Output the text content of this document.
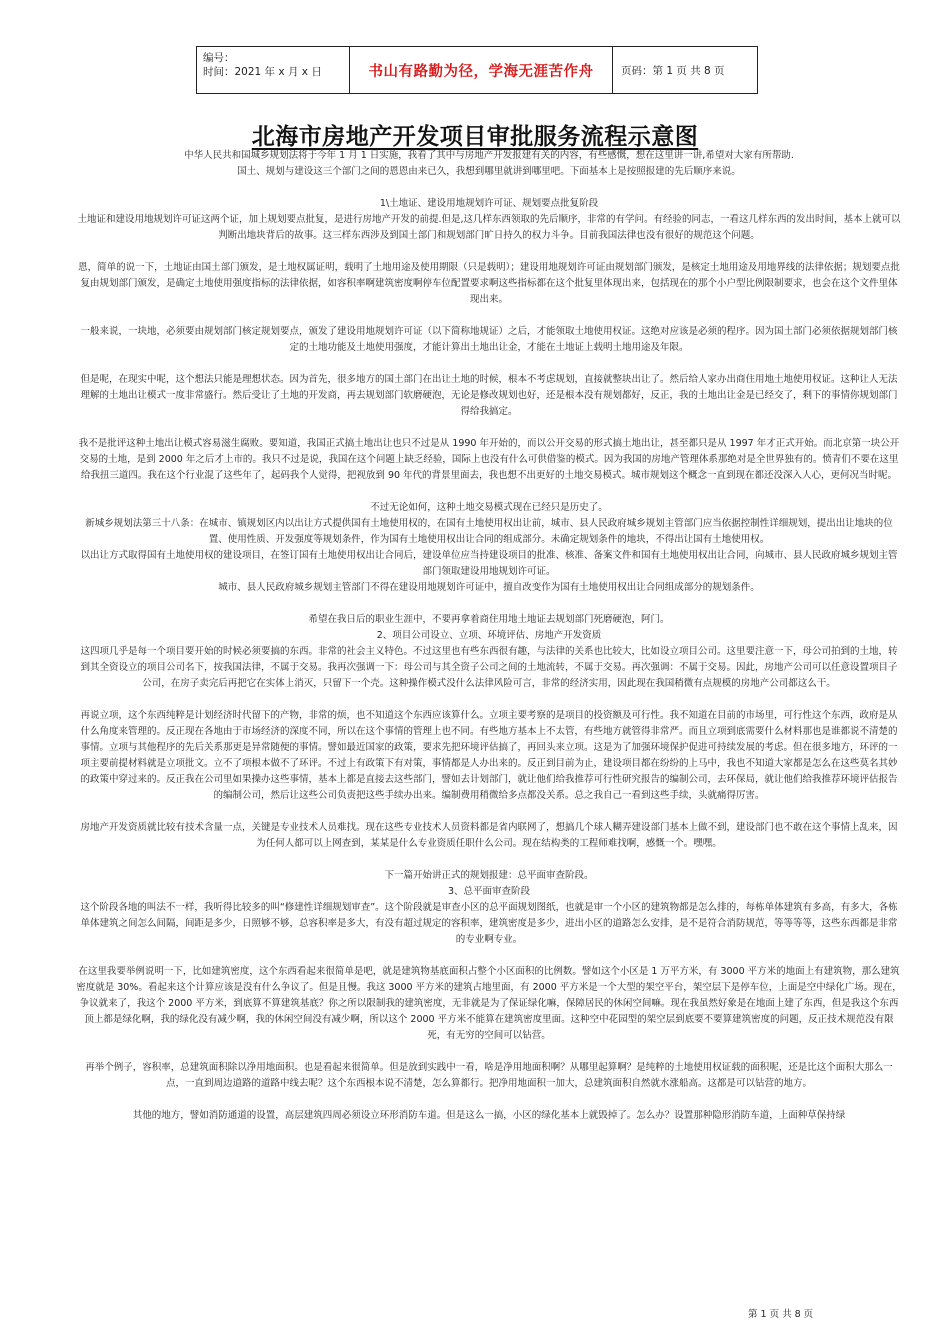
编号：
时间：2021 年 x 月 x 日	书山有路勤为径，学海无涯苦作舟	页码：第 1 页 共 8 页
北海市房地产开发项目审批服务流程示意图

中华人民共和国城乡规划法将于今年 1 月 1 日实施，我看了其中与房地产开发报建有关的内容，有些感慨，想在这里讲一讲,希望对大家有所帮助.

国土、规划与建设这三个部门之间的恩恩由来已久，我想到哪里就讲到哪里吧。下面基本上是按照报建的先后顺序来说。

1\土地证、建设用地规划许可证、规划要点批复阶段

土地证和建设用地规划许可证这两个证，加上规划要点批复，是进行房地产开发的前提.但是,这几样东西领取的先后顺序，非常的有学问。有经验的同志，一看这几样东西的发出时间，基本上就可以判断出地块背后的故事。这三样东西涉及到国土部门和规划部门旷日持久的权力斗争。目前我国法律也没有很好的规范这个问题。

恩，简单的说一下，土地证由国土部门颁发，是土地权属证明，载明了土地用途及使用期限（只是载明）；建设用地规划许可证由规划部门颁发，是核定土地用途及用地界线的法律依据；规划要点批复由规划部门颁发，是确定土地使用强度指标的法律依据，如容积率啊建筑密度啊停车位配置要求啊这些指标都在这个批复里体现出来，包括现在的那个小户型比例限制要求，也会在这个文件里体现出来。

一般来说，一块地，必须要由规划部门核定规划要点，颁发了建设用地规划许可证（以下简称地规证）之后，才能领取土地使用权证。这绝对应该是必须的程序。因为国土部门必须依据规划部门核定的土地功能及土地使用强度，才能计算出土地出让金，才能在土地证上载明土地用途及年限。

但是呢，在现实中呢，这个想法只能是理想状态。因为首先，很多地方的国土部门在出让土地的时候，根本不考虑规划，直接就整块出让了。然后给人家办出商住用地土地使用权证。这种让人无法理解的土地出让模式一度非常盛行。然后受让了土地的开发商，再去规划部门软磨硬泡，无论是修改规划也好，还是根本没有规划都好，反正，我的土地出让金是已经交了，剩下的事情你规划部门得给我搞定。

我不是批评这种土地出让模式容易滋生腐败。要知道，我国正式搞土地出让也只不过是从 1990 年开始的，而以公开交易的形式搞土地出让，甚至都只是从 1997 年才正式开始。而北京第一块公开交易的土地，是到 2000 年之后才上市的。我只不过是说，我国在这个问题上缺乏经验，国际上也没有什么可供借鉴的模式。因为我国的房地产管理体系那绝对是全世界独有的。愤青们不要在这里给我扭三道四。我在这个行业混了这些年了，起码我个人觉得，把视放到 90 年代的背景里面去，我也想不出更好的土地交易模式。城市规划这个概念一直到现在都还没深入人心，更何况当时呢。

不过无论如何，这种土地交易模式现在已经只是历史了。

新城乡规划法第三十八条：在城市、镇规划区内以出让方式提供国有土地使用权的，在国有土地使用权出让前，城市、县人民政府城乡规划主管部门应当依据控制性详细规划，提出出让地块的位置、使用性质、开发强度等规划条件，作为国有土地使用权出让合同的组成部分。未确定规划条件的地块，不得出让国有土地使用权。

以出让方式取得国有土地使用权的建设项目，在签订国有土地使用权出让合同后，建设单位应当持建设项目的批准、核准、备案文件和国有土地使用权出让合同，向城市、县人民政府城乡规划主管部门领取建设用地规划许可证。

城市、县人民政府城乡规划主管部门不得在建设用地规划许可证中，擅自改变作为国有土地使用权出让合同组成部分的规划条件。

希望在我日后的职业生涯中，不要再拿着商住用地土地证去规划部门死磨硬泡，阿门。

2、项目公司设立、立项、环境评估、房地产开发资质

这四项几乎是每一个项目要开始的时候必须要搞的东西。非常的社会主义特色。不过这里也有些东西很有趣，与法律的关系也比较大，比如设立项目公司。这里要注意一下，母公司拍到的土地，转到其全资设立的项目公司名下，按我国法律，不属于交易。我再次强调一下：母公司与其全资子公司之间的土地流转，不属于交易。再次强调：不属于交易。因此，房地产公司可以任意设置项目子公司，在房子卖完后再把它在实体上消灭，只留下一个壳。这种操作模式没什么法律风险可言，非常的经济实用，因此现在我国稍微有点规模的房地产公司都这么干。

再说立项，这个东西纯粹是计划经济时代留下的产物，非常的烦，也不知道这个东西应该算什么。立项主要考察的是项目的投资额及可行性。我不知道在目前的市场里，可行性这个东西，政府是从什么角度来管理的。反正现在各地由于市场经济的深度不同，所以在这个事情的管理上也不同。有些地方基本上不太管，有些地方就管得非常严。而且立项到底需要什么材料那也是谁都说不清楚的事情。立项与其他程序的先后关系那更是异常随便的事情。譬如最近国家的政策，要求先把环境评估搞了，再回头来立项。这是为了加强环境保护促进可持续发展的考虑。但在很多地方，环评的一项主要前提材料就是立项批文。立不了项根本做不了环评。不过上有政策下有对策，事情都是人办出来的。反正到目前为止，建设项目都在纷纷的上马中，我也不知道大家都是怎么在这些莫名其妙的政策中穿过来的。反正我在公司里如果操办这些事情，基本上都是直接去这些部门，譬如去计划部门，就让他们给我推荐可行性研究报告的编制公司，去环保局，就让他们给我推荐环境评估报告的编制公司，然后让这些公司负责把这些手续办出来。编制费用稍微给多点都没关系。总之我自己一看到这些手续，头就痛得厉害。

房地产开发资质就比较有技术含量一点，关键是专业技术人员难找。现在这些专业技术人员资料都是省内联网了，想搞几个球人糊弄建设部门基本上做不到，建设部门也不敢在这个事情上乱来，因为任何人都可以上网查到，某某是什么专业资质任职什么公司。现在结构类的工程师难找啊，感慨一个。嘿嘿。

下一篇开始讲正式的规划报建：总平面审查阶段。

3、总平面审查阶段

这个阶段各地的叫法不一样，我听得比较多的叫“修建性详细规划审查”。这个阶段就是审查小区的总平面规划图纸，也就是审一个小区的建筑物都是怎么排的，每栋单体建筑有多高，有多大，各栋单体建筑之间怎么间隔，间距是多少，日照够不够，总容积率是多大，有没有超过规定的容积率，建筑密度是多少，进出小区的道路怎么安排，是不是符合消防规范，等等等等，这些东西都是非常的专业啊专业。

在这里我要举例说明一下，比如建筑密度，这个东西看起来很简单是吧，就是建筑物基底面积占整个小区面积的比例数。譬如这个小区是 1 万平方米，有 3000 平方米的地面上有建筑物，那么建筑密度就是 30%。看起来这个计算应该是没有什么争议了。但是且慢。我这 3000 平方米的建筑占地里面，有 2000 平方米是一个大型的架空平台，架空层下是停车位，上面是空中绿化广场。现在，争议就来了，我这个 2000 平方米，到底算不算建筑基底？你之所以限制我的建筑密度，无非就是为了保证绿化嘛，保障居民的休闲空间嘛。现在我虽然好象是在地面上建了东西，但是我这个东西顶上都是绿化啊，我的绿化没有减少啊，我的休闲空间没有减少啊，所以这个 2000 平方米不能算在建筑密度里面。这种空中花园型的架空层到底要不要算建筑密度的问题，反正技术规范没有限死，有无穷的空间可以钻营。

再举个例子，容积率，总建筑面积除以净用地面积。也是看起来很简单。但是放到实践中一看，啥是净用地面积啊？从哪里起算啊？是纯粹的土地使用权证载的面积呢，还是比这个面积大那么一点，一直到周边道路的道路中线去呢？这个东西根本说不清楚，怎么算都行。把净用地面积一加大，总建筑面积自然就水涨船高。这都是可以钻营的地方。

其他的地方，譬如消防通道的设置，高层建筑四周必须设立环形消防车道。但是这么一搞，小区的绿化基本上就毁掉了。怎么办？设置那种隐形消防车道，上面种草保持绿

第 1 页 共 8 页
